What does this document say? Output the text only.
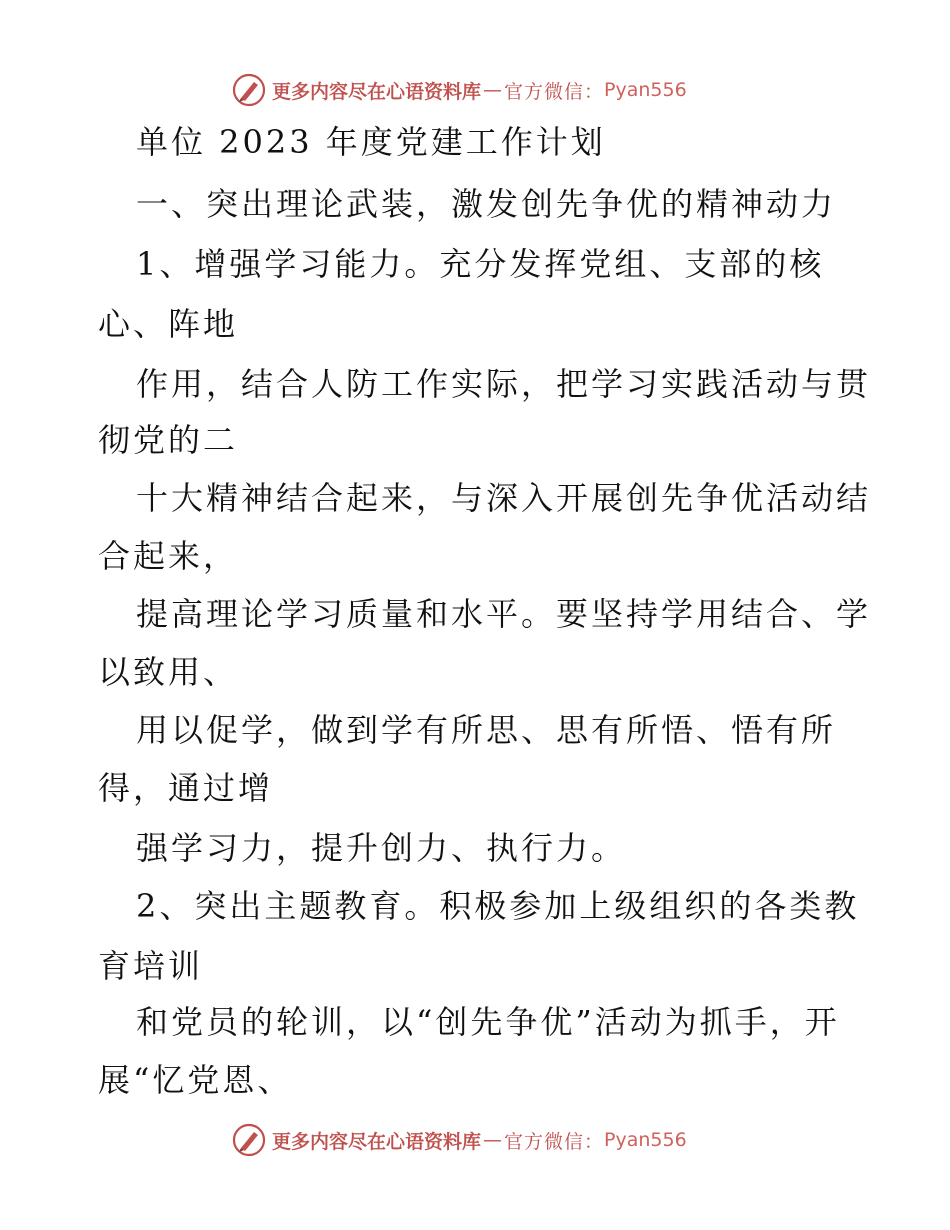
更多内容尽在心语资料库 — 官方微信： Pyan556
单位 2023 年度党建工作计划
一、突出理论武装，激发创先争优的精神动力
1、增强学习能力。充分发挥党组、支部的核
心、阵地
作用，结合人防工作实际，把学习实践活动与贯
彻党的二
十大精神结合起来，与深入开展创先争优活动结
合起来，
提高理论学习质量和水平。要坚持学用结合、学
以致用、
用以促学，做到学有所思、思有所悟、悟有所
得，通过增
强学习力，提升创力、执行力。
2、突出主题教育。积极参加上级组织的各类教
育培训
和党员的轮训，以“创先争优”活动为抓手，开
展“忆党恩、
更多内容尽在心语资料库 — 官方微信： Pyan556
